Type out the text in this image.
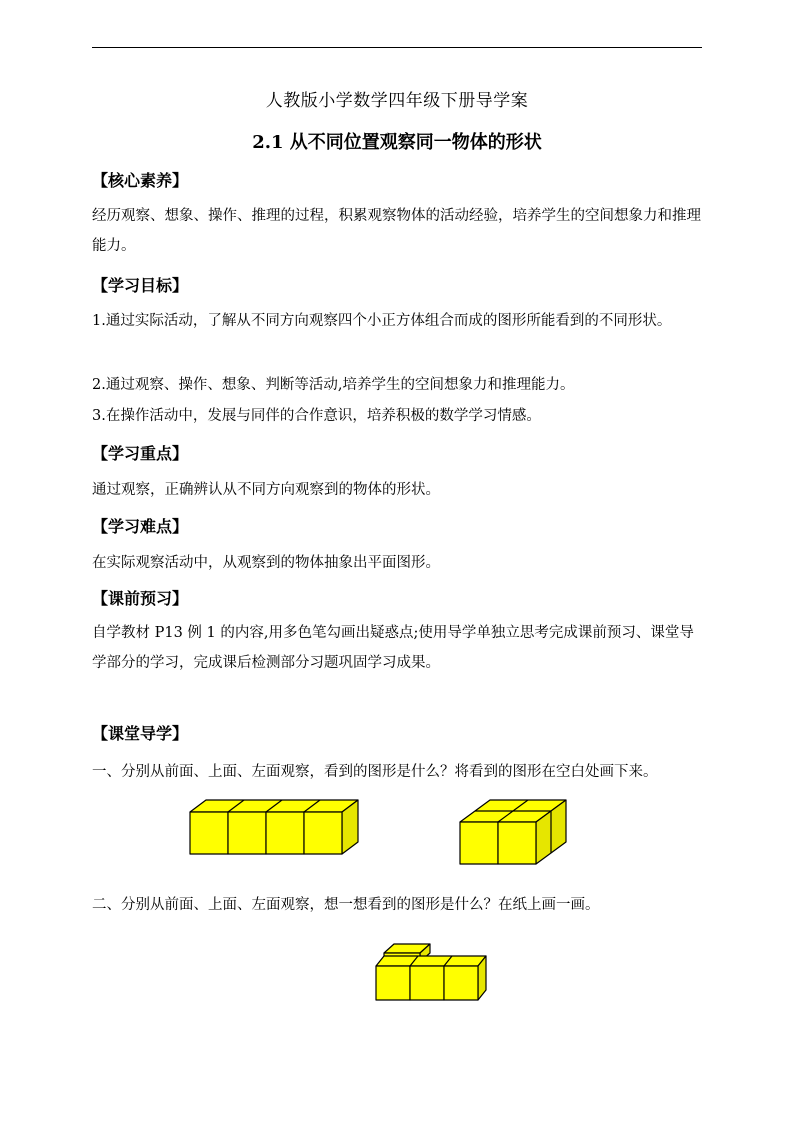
人教版小学数学四年级下册导学案
2.1 从不同位置观察同一物体的形状
【核心素养】
经历观察、想象、操作、推理的过程，积累观察物体的活动经验，培养学生的空间想象力和推理能力。
【学习目标】
1.通过实际活动，了解从不同方向观察四个小正方体组合而成的图形所能看到的不同形状。
2.通过观察、操作、想象、判断等活动,培养学生的空间想象力和推理能力。
3.在操作活动中，发展与同伴的合作意识，培养积极的数学学习情感。
【学习重点】
通过观察，正确辨认从不同方向观察到的物体的形状。
【学习难点】
在实际观察活动中，从观察到的物体抽象出平面图形。
【课前预习】
自学教材 P13 例 1 的内容,用多色笔勾画出疑惑点;使用导学单独立思考完成课前预习、课堂导学部分的学习，完成课后检测部分习题巩固学习成果。
【课堂导学】
一、分别从前面、上面、左面观察，看到的图形是什么？将看到的图形在空白处画下来。
二、分别从前面、上面、左面观察，想一想看到的图形是什么？在纸上画一画。
